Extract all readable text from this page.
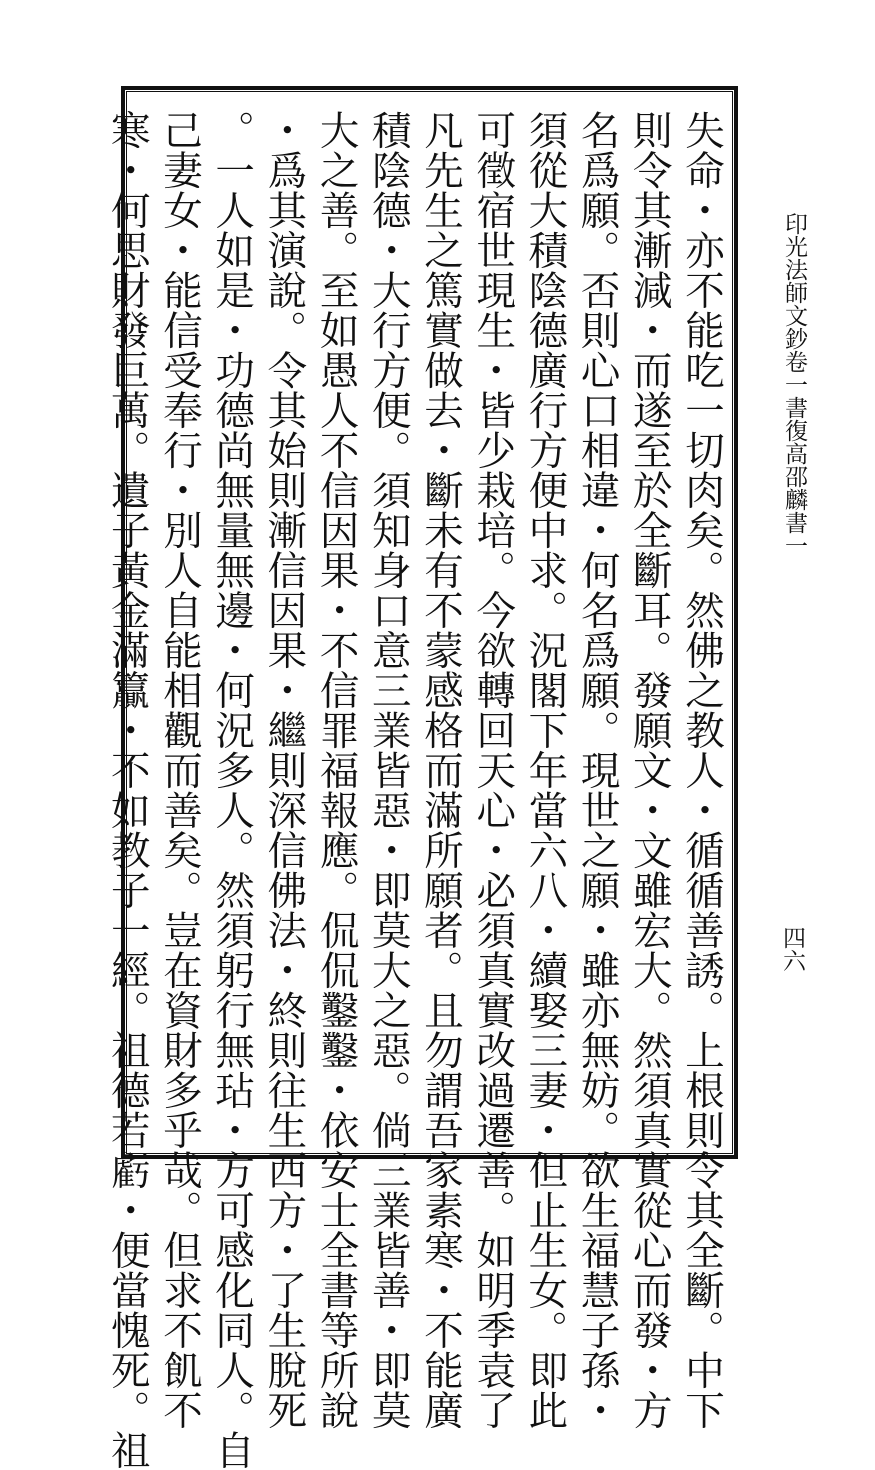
印光法師文鈔卷一書復高邵麟書一
四六
失命・亦不能吃一切肉矣。然佛之教人・循循善誘。上根則令其全斷。中下
則令其漸減・而遂至於全斷耳。發願文・文雖宏大。然須真實從心而發・方
名爲願。否則心口相違・何名爲願。現世之願・雖亦無妨。欲生福慧子孫・
須從大積陰德廣行方便中求。況閣下年當六八・續娶三妻・但止生女。即此
可徵宿世現生・皆少栽培。今欲轉回天心・必須真實改過遷善。如明季袁了
凡先生之篤實做去・斷未有不蒙感格而滿所願者。且勿謂吾家素寒・不能廣
積陰德・大行方便。須知身口意三業皆惡・即莫大之惡。倘三業皆善・即莫
大之善。至如愚人不信因果・不信罪福報應。侃侃鑿鑿・依安士全書等所說
・爲其演說。令其始則漸信因果・繼則深信佛法・終則往生西方・了生脫死
。一人如是・功德尚無量無邊・何況多人。然須躬行無玷・方可感化同人。自
己妻女・能信受奉行・別人自能相觀而善矣。豈在資財多乎哉。但求不飢不
寒・何思財發巨萬。遺子黃金滿籯・不如教子一經。祖德若虧・便當愧死。祖
